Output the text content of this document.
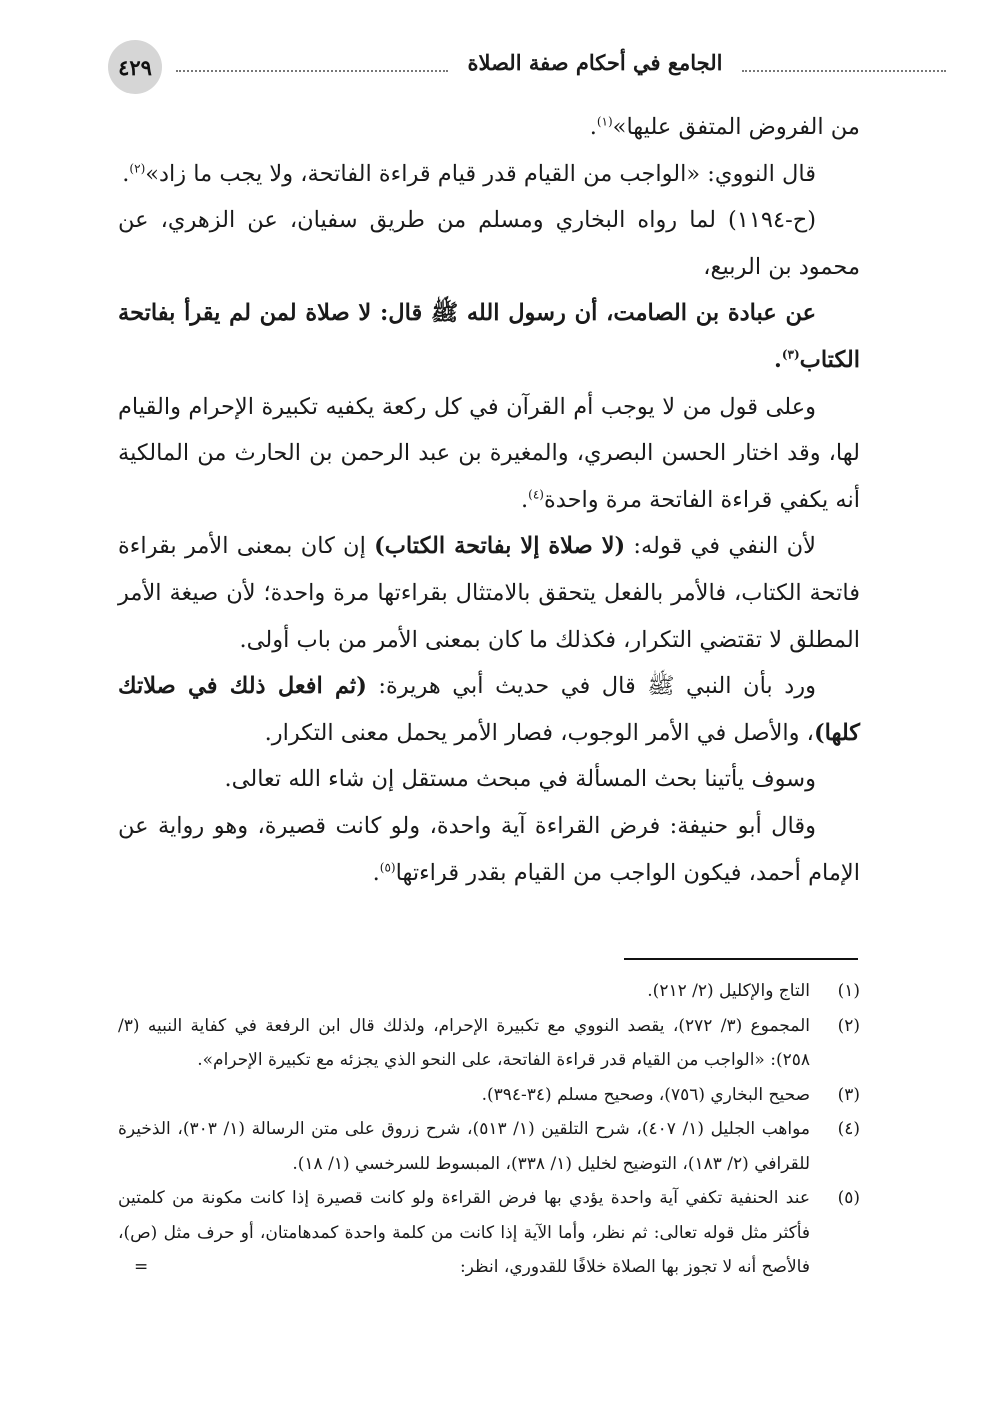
٤٢٩	الجامع في أحكام صفة الصلاة

من الفروض المتفق عليها»$^{(١)}$.

قال النووي: «الواجب من القيام قدر قيام قراءة الفاتحة، ولا يجب ما زاد»$^{(٢)}$.

(ح-١١٩٤) لما رواه البخاري ومسلم من طريق سفيان، عن الزهري، عن محمود بن الربيع،

عن عبادة بن الصامت، أن رسول الله ﷺ قال: لا صلاة لمن لم يقرأ بفاتحة الكتاب$^{(٣)}$.

وعلى قول من لا يوجب أم القرآن في كل ركعة يكفيه تكبيرة الإحرام والقيام لها، وقد اختار الحسن البصري، والمغيرة بن عبد الرحمن بن الحارث من المالكية أنه يكفي قراءة الفاتحة مرة واحدة$^{(٤)}$.

لأن النفي في قوله: (لا صلاة إلا بفاتحة الكتاب) إن كان بمعنى الأمر بقراءة فاتحة الكتاب، فالأمر بالفعل يتحقق بالامتثال بقراءتها مرة واحدة؛ لأن صيغة الأمر المطلق لا تقتضي التكرار، فكذلك ما كان بمعنى الأمر من باب أولى.

ورد بأن النبي ﷺ قال في حديث أبي هريرة: (ثم افعل ذلك في صلاتك كلها)، والأصل في الأمر الوجوب، فصار الأمر يحمل معنى التكرار.

وسوف يأتينا بحث المسألة في مبحث مستقل إن شاء الله تعالى.

وقال أبو حنيفة: فرض القراءة آية واحدة، ولو كانت قصيرة، وهو رواية عن الإمام أحمد، فيكون الواجب من القيام بقدر قراءتها$^{(٥)}$.

(١)
التاج والإكليل (٢/ ٢١٢).
(٢)
المجموع (٣/ ٢٧٢)، يقصد النووي مع تكبيرة الإحرام، ولذلك قال ابن الرفعة في كفاية النبيه (٣/ ٢٥٨): «الواجب من القيام قدر قراءة الفاتحة، على النحو الذي يجزئه مع تكبيرة الإحرام».
(٣)
صحيح البخاري (٧٥٦)، وصحيح مسلم (٣٤-٣٩٤).
(٤)
مواهب الجليل (١/ ٤٠٧)، شرح التلقين (١/ ٥١٣)، شرح زروق على متن الرسالة (١/ ٣٠٣)، الذخيرة للقرافي (٢/ ١٨٣)، التوضيح لخليل (١/ ٣٣٨)، المبسوط للسرخسي (١/ ١٨).
(٥)
عند الحنفية تكفي آية واحدة يؤدي بها فرض القراءة ولو كانت قصيرة إذا كانت مكونة من كلمتين فأكثر مثل قوله تعالى: ثم نظر، وأما الآية إذا كانت من كلمة واحدة كمدهامتان، أو حرف مثل (ص)، فالأصح أنه لا تجوز بها الصلاة خلافًا للقدوري، انظر:
=
